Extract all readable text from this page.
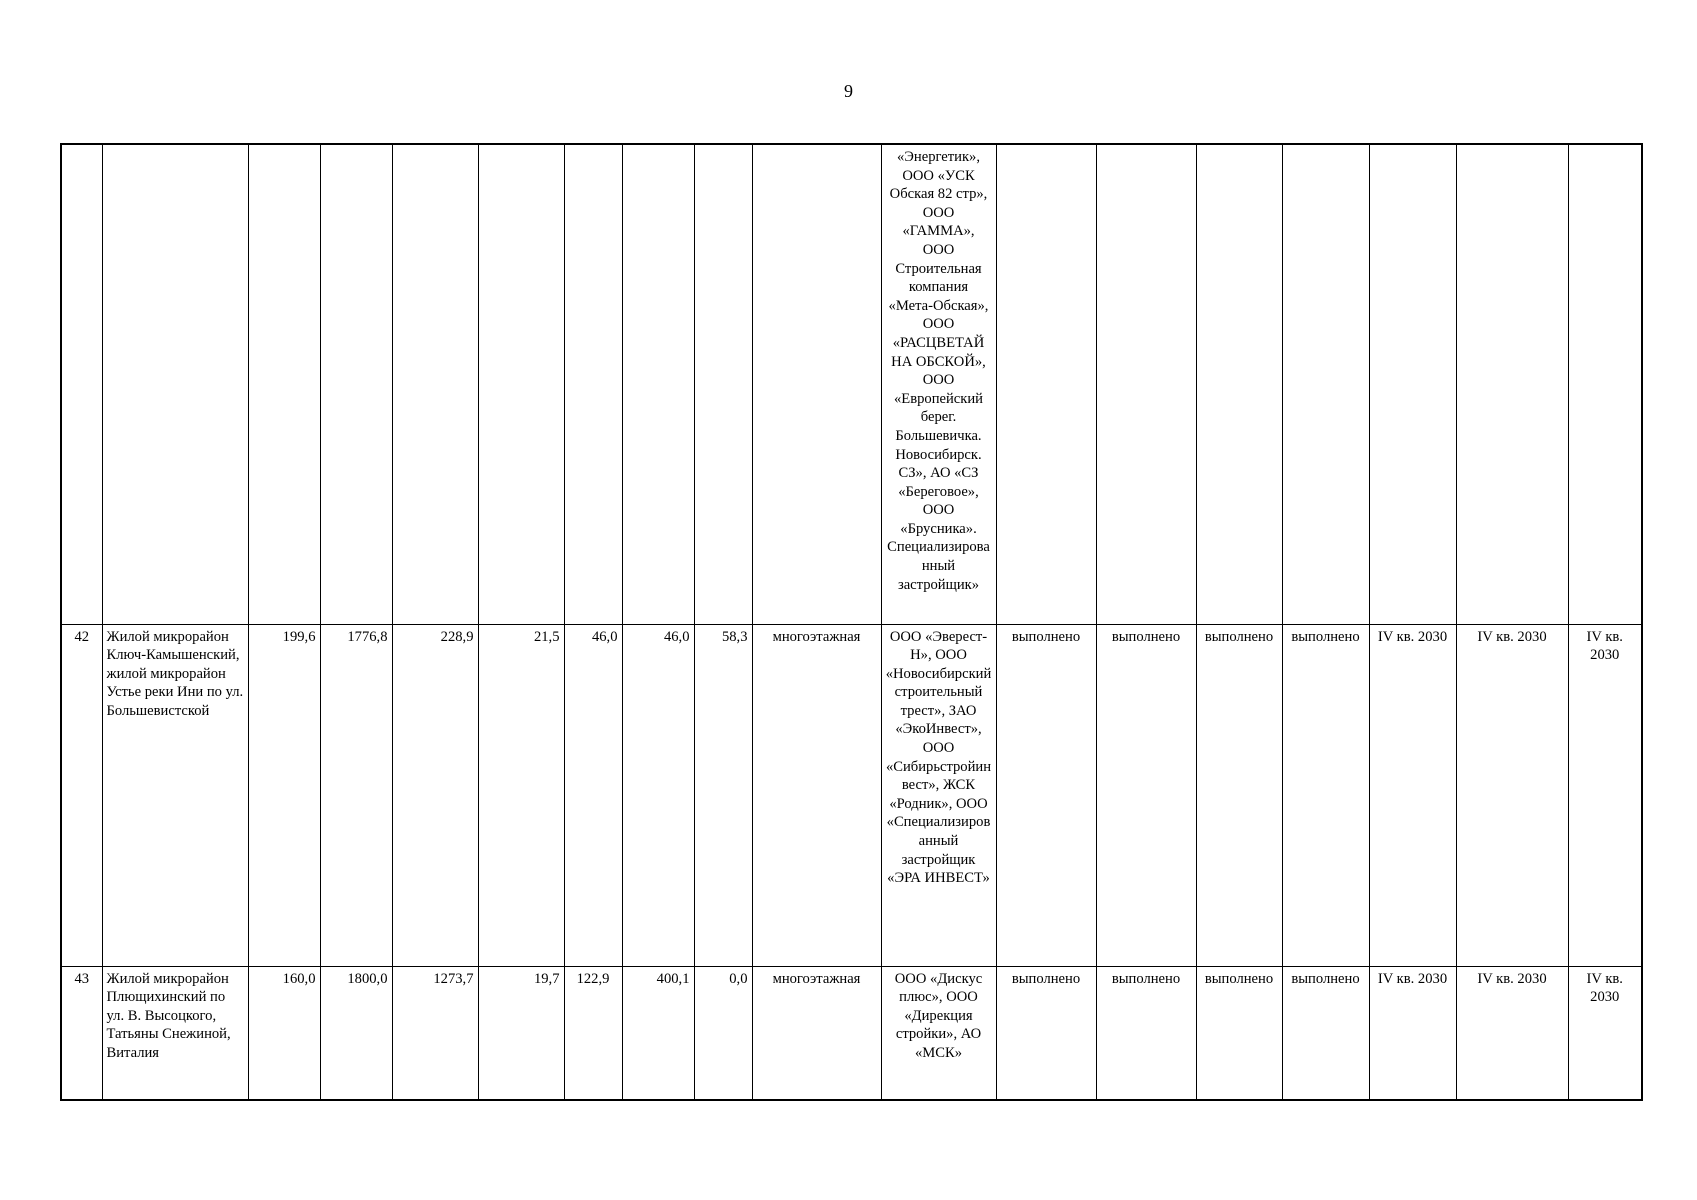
9
										«Энергетик», ООО «УСК Обская 82 стр», ООО «ГАММА», ООО Строительная компания «Мета-Обская», ООО «РАСЦВЕТАЙ НА ОБСКОЙ», ООО «Европейский берег. Большевичка. Новосибирск. СЗ», АО «СЗ «Береговое», ООО «Брусника». Специализированный застройщик»							
42	Жилой микрорайон Ключ-Камышенский, жилой микрорайон Устье реки Ини по ул. Большевистской	199,6	1776,8	228,9	21,5	46,0	46,0	58,3	многоэтажная	ООО «Эверест-Н», ООО «Новосибирский строительный трест», ЗАО «ЭкоИнвест», ООО «Сибирьстройинвест», ЖСК «Родник», ООО «Специализированный застройщик «ЭРА ИНВЕСТ»	выполнено	выполнено	выполнено	выполнено	IV кв. 2030	IV кв. 2030	IV кв. 2030
43	Жилой микрорайон Плющихинский по ул. В. Высоцкого, Татьяны Снежиной, Виталия	160,0	1800,0	1273,7	19,7	122,9	400,1	0,0	многоэтажная	ООО «Дискус плюс», ООО «Дирекция стройки», АО «МСК»	выполнено	выполнено	выполнено	выполнено	IV кв. 2030	IV кв. 2030	IV кв. 2030
